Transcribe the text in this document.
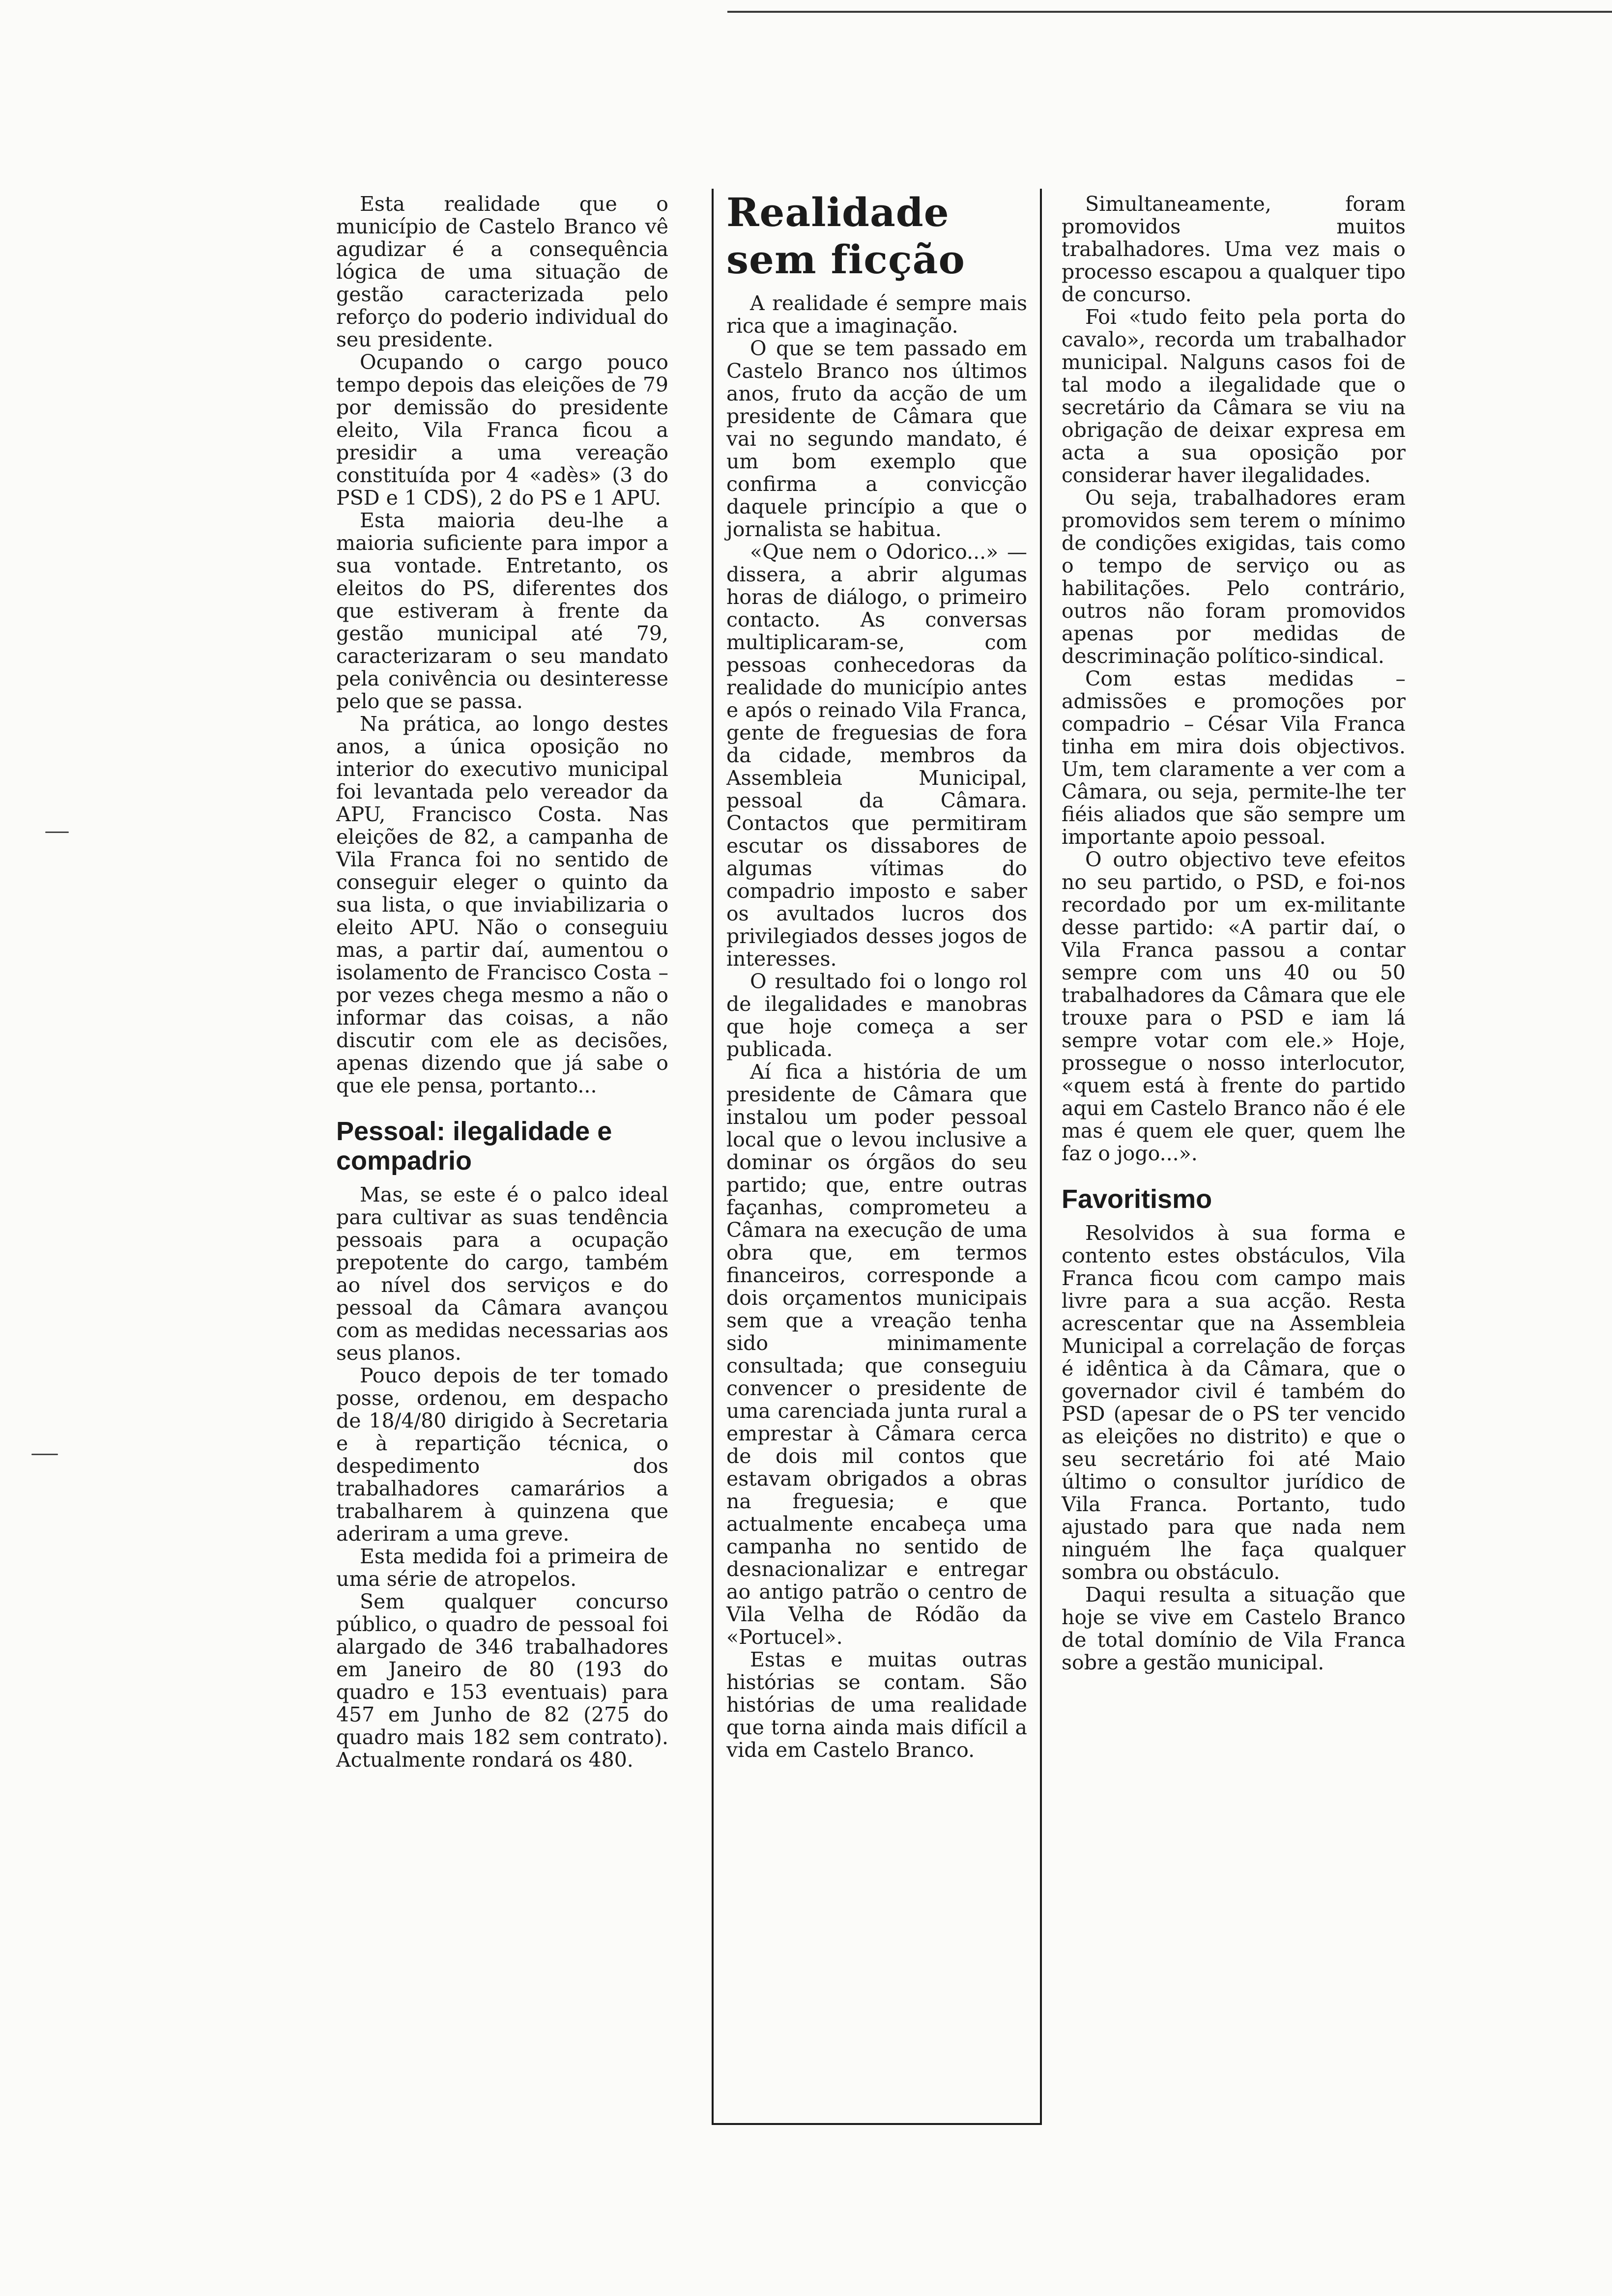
Esta realidade que o município de Castelo Branco vê agudizar é a consequência lógica de uma situação de gestão caracterizada pelo reforço do poderio individual do seu presidente.

Ocupando o cargo pouco tempo depois das eleições de 79 por demissão do presidente eleito, Vila Franca ficou a presidir a uma vereação constituída por 4 «adès» (3 do PSD e 1 CDS), 2 do PS e 1 APU.

Esta maioria deu-lhe a maioria suficiente para impor a sua vontade. Entretanto, os eleitos do PS, diferentes dos que estiveram à frente da gestão municipal até 79, caracterizaram o seu mandato pela conivência ou desinteresse pelo que se passa.

Na prática, ao longo destes anos, a única oposição no interior do executivo municipal foi levantada pelo vereador da APU, Francisco Costa. Nas eleições de 82, a campanha de Vila Franca foi no sentido de conseguir eleger o quinto da sua lista, o que inviabilizaria o eleito APU. Não o conseguiu mas, a partir daí, aumentou o isolamento de Francisco Costa – por vezes chega mesmo a não o informar das coisas, a não discutir com ele as decisões, apenas dizendo que já sabe o que ele pensa, portanto...

Pessoal: ilegalidade e compadrio

Mas, se este é o palco ideal para cultivar as suas tendência pessoais para a ocupação prepotente do cargo, também ao nível dos serviços e do pessoal da Câmara avançou com as medidas necessarias aos seus planos.

Pouco depois de ter tomado posse, ordenou, em despacho de 18/4/80 dirigido à Secretaria e à repartição técnica, o despedimento dos trabalhadores camarários a trabalharem à quinzena que aderiram a uma greve.

Esta medida foi a primeira de uma série de atropelos.

Sem qualquer concurso público, o quadro de pessoal foi alargado de 346 trabalhadores em Janeiro de 80 (193 do quadro e 153 eventuais) para 457 em Junho de 82 (275 do quadro mais 182 sem contrato). Actualmente rondará os 480.

Realidade sem ficção

A realidade é sempre mais rica que a imaginação.

O que se tem passado em Castelo Branco nos últimos anos, fruto da acção de um presidente de Câmara que vai no segundo mandato, é um bom exemplo que confirma a convicção daquele princípio a que o jornalista se habitua.

«Que nem o Odorico...» — dissera, a abrir algumas horas de diálogo, o primeiro contacto. As conversas multiplicaram-se, com pessoas conhecedoras da realidade do município antes e após o reinado Vila Franca, gente de freguesias de fora da cidade, membros da Assembleia Municipal, pessoal da Câmara. Contactos que permitiram escutar os dissabores de algumas vítimas do compadrio imposto e saber os avultados lucros dos privilegiados desses jogos de interesses.

O resultado foi o longo rol de ilegalidades e manobras que hoje começa a ser publicada.

Aí fica a história de um presidente de Câmara que instalou um poder pessoal local que o levou inclusive a dominar os órgãos do seu partido; que, entre outras façanhas, comprometeu a Câmara na execução de uma obra que, em termos financeiros, corresponde a dois orçamentos municipais sem que a vreação tenha sido minimamente consultada; que conseguiu convencer o presidente de uma carenciada junta rural a emprestar à Câmara cerca de dois mil contos que estavam obrigados a obras na freguesia; e que actualmente encabeça uma campanha no sentido de desnacionalizar e entregar ao antigo patrão o centro de Vila Velha de Ródão da «Portucel».

Estas e muitas outras histórias se contam. São histórias de uma realidade que torna ainda mais difícil a vida em Castelo Branco.

Simultaneamente, foram promovidos muitos trabalhadores. Uma vez mais o processo escapou a qualquer tipo de concurso.

Foi «tudo feito pela porta do cavalo», recorda um trabalhador municipal. Nalguns casos foi de tal modo a ilegalidade que o secretário da Câmara se viu na obrigação de deixar expresa em acta a sua oposição por considerar haver ilegalidades.

Ou seja, trabalhadores eram promovidos sem terem o mínimo de condições exigidas, tais como o tempo de serviço ou as habilitações. Pelo contrário, outros não foram promovidos apenas por medidas de descriminação político-sindical.

Com estas medidas – admissões e promoções por compadrio – César Vila Franca tinha em mira dois objectivos. Um, tem claramente a ver com a Câmara, ou seja, permite-lhe ter fiéis aliados que são sempre um importante apoio pessoal.

O outro objectivo teve efeitos no seu partido, o PSD, e foi-nos recordado por um ex-militante desse partido: «A partir daí, o Vila Franca passou a contar sempre com uns 40 ou 50 trabalhadores da Câmara que ele trouxe para o PSD e iam lá sempre votar com ele.» Hoje, prossegue o nosso interlocutor, «quem está à frente do partido aqui em Castelo Branco não é ele mas é quem ele quer, quem lhe faz o jogo...».

Favoritismo

Resolvidos à sua forma e contento estes obstáculos, Vila Franca ficou com campo mais livre para a sua acção. Resta acrescentar que na Assembleia Municipal a correlação de forças é idêntica à da Câmara, que o governador civil é também do PSD (apesar de o PS ter vencido as eleições no distrito) e que o seu secretário foi até Maio último o consultor jurídico de Vila Franca. Portanto, tudo ajustado para que nada nem ninguém lhe faça qualquer sombra ou obstáculo.

Daqui resulta a situação que hoje se vive em Castelo Branco de total domínio de Vila Franca sobre a gestão municipal.
